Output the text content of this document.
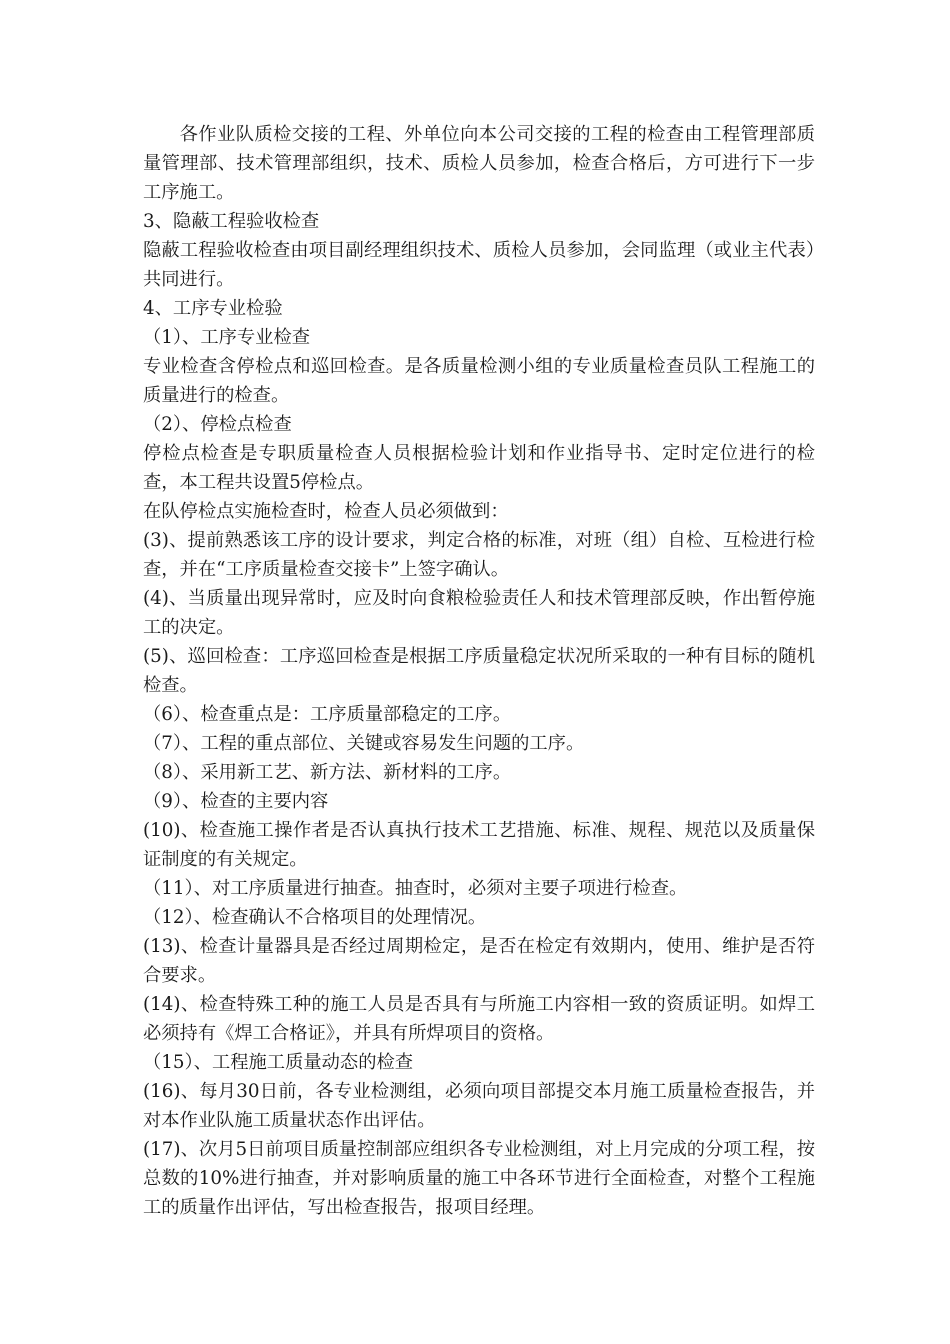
各作业队质检交接的工程、外单位向本公司交接的工程的检查由工程管理部质量管理部、技术管理部组织，技术、质检人员参加，检查合格后，方可进行下一步工序施工。

3、隐蔽工程验收检查

隐蔽工程验收检查由项目副经理组织技术、质检人员参加，会同监理（或业主代表）共同进行。

4、工序专业检验

（1）、工序专业检查

专业检查含停检点和巡回检查。是各质量检测小组的专业质量检查员队工程施工的质量进行的检查。

（2）、停检点检查

停检点检查是专职质量检查人员根据检验计划和作业指导书、定时定位进行的检查，本工程共设置5停检点。

在队停检点实施检查时，检查人员必须做到：

(3)、提前熟悉该工序的设计要求，判定合格的标准，对班（组）自检、互检进行检查，并在“工序质量检查交接卡”上签字确认。

(4)、当质量出现异常时，应及时向食粮检验责任人和技术管理部反映，作出暂停施工的决定。

(5)、巡回检查：工序巡回检查是根据工序质量稳定状况所采取的一种有目标的随机检查。

（6）、检查重点是：工序质量部稳定的工序。

（7）、工程的重点部位、关键或容易发生问题的工序。

（8）、采用新工艺、新方法、新材料的工序。

（9）、检查的主要内容

(10)、检查施工操作者是否认真执行技术工艺措施、标准、规程、规范以及质量保证制度的有关规定。

（11）、对工序质量进行抽查。抽查时，必须对主要子项进行检查。

（12）、检查确认不合格项目的处理情况。

(13)、检查计量器具是否经过周期检定，是否在检定有效期内，使用、维护是否符合要求。

(14)、检查特殊工种的施工人员是否具有与所施工内容相一致的资质证明。如焊工必须持有《焊工合格证》，并具有所焊项目的资格。

（15）、工程施工质量动态的检查

(16)、每月30日前，各专业检测组，必须向项目部提交本月施工质量检查报告，并对本作业队施工质量状态作出评估。

(17)、次月5日前项目质量控制部应组织各专业检测组，对上月完成的分项工程，按总数的10%进行抽查，并对影响质量的施工中各环节进行全面检查，对整个工程施工的质量作出评估，写出检查报告，报项目经理。
